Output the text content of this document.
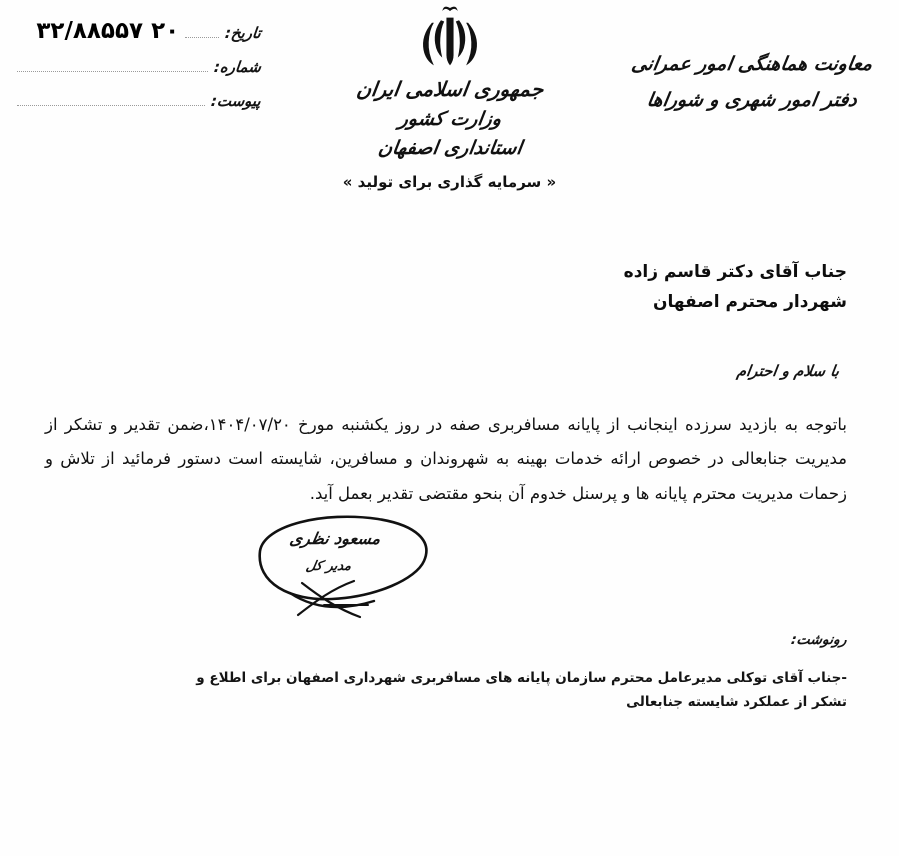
تاریخ:
۲۰ ۳۲/۸۸۵۵۷
شماره:
پیوست:	جمهوری اسلامی ایران
وزارت کشور
استانداری اصفهان
« سرمایه گذاری برای تولید »
معاونت هماهنگی امور عمرانی
دفتر امور شهری و شوراها
جناب آقای دکتر قاسم زاده
شهردار محترم اصفهان
با سلام و احترام

باتوجه به بازدید سرزده اینجانب از پایانه مسافربری صفه در روز یکشنبه مورخ ۱۴۰۴/۰۷/۲۰،ضمن تقدیر و تشکر از مدیریت جنابعالی در خصوص ارائه خدمات بهینه به شهروندان و مسافرین، شایسته است دستور فرمائید از تلاش و زحمات مدیریت محترم پایانه ها و پرسنل خدوم آن بنحو مقتضی تقدیر بعمل آید.

مسعود نظری
مدیر کل
رونوشت:
-جناب آقای توکلی مدیرعامل محترم سازمان پایانه های مسافربری شهرداری اصفهان برای اطلاع و تشکر از عملکرد شایسته جنابعالی
